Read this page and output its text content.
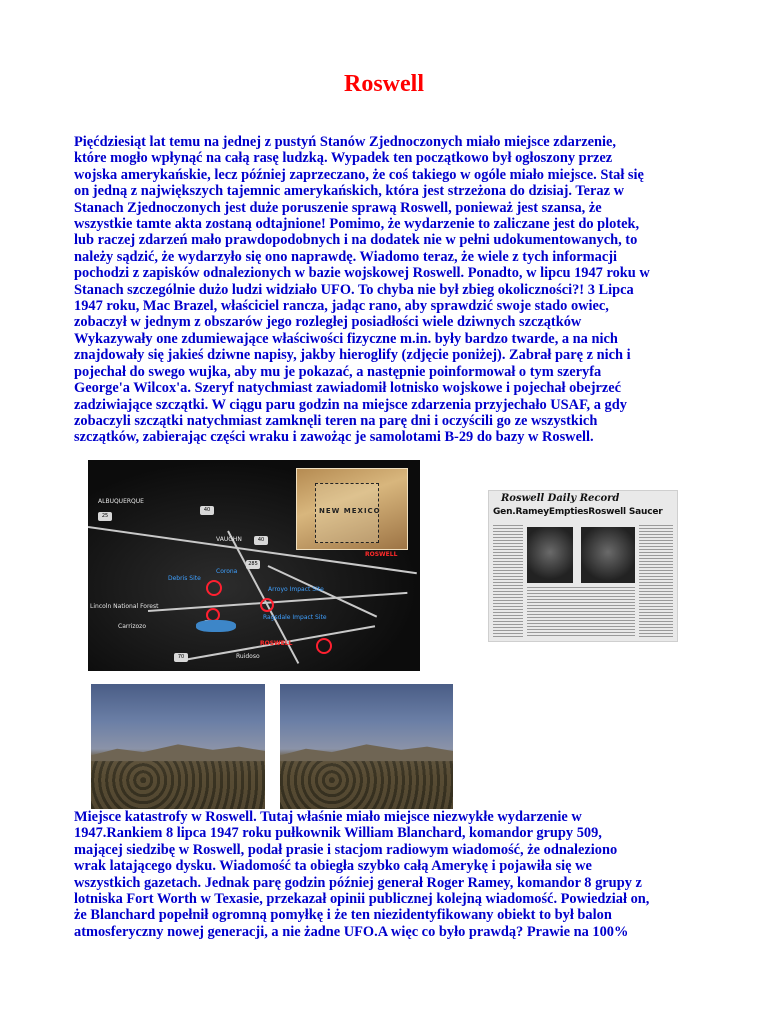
Roswell
Pięćdziesiąt lat temu na jednej z pustyń Stanów Zjednoczonych miało miejsce zdarzenie,
które mogło wpłynąć na całą rasę ludzką. Wypadek ten początkowo był ogłoszony przez
wojska amerykańskie, lecz później zaprzeczano, że coś takiego w ogóle miało miejsce. Stał się
on jedną z największych tajemnic amerykańskich, która jest strzeżona do dzisiaj. Teraz w
Stanach Zjednoczonych jest duże poruszenie sprawą Roswell, ponieważ jest szansa, że
wszystkie tamte akta zostaną odtajnione! Pomimo, że wydarzenie to zaliczane jest do plotek,
lub raczej zdarzeń mało prawdopodobnych i na dodatek nie w pełni udokumentowanych, to
należy sądzić, że wydarzyło się ono naprawdę. Wiadomo teraz, że wiele z tych informacji
pochodzi z zapisków odnalezionych w bazie wojskowej Roswell. Ponadto, w lipcu 1947 roku w
Stanach szczególnie dużo ludzi widziało UFO. To chyba nie był zbieg okoliczności?! 3 Lipca
1947 roku, Mac Brazel, właściciel rancza, jadąc rano, aby sprawdzić swoje stado owiec,
zobaczył w jednym z obszarów jego rozległej posiadłości wiele dziwnych szczątków
Wykazywały one zdumiewające właściwości fizyczne m.in. były bardzo twarde, a na nich
znajdowały się jakieś dziwne napisy, jakby hieroglify (zdjęcie poniżej). Zabrał parę z nich i
pojechał do swego wujka, aby mu je pokazać, a następnie poinformował o tym szeryfa
George'a Wilcox'a. Szeryf natychmiast zawiadomił lotnisko wojskowe i pojechał obejrzeć
zadziwiające szczątki. W ciągu paru godzin na miejsce zdarzenia przyjechało USAF, a gdy
zobaczyli szczątki natychmiast zamknęli teren na parę dni i oczyścili go ze wszystkich
szczątków, zabierając części wraku i zawożąc je samolotami B-29 do bazy w Roswell.
ALBUQUERQUE
VAUGHN
Corona
Debris Site
Lincoln National Forest
Carrizozo
Arroyo Impact Site
Ragsdale Impact Site
ROSWELL
Ruidoso
25
40
285
40
70
NEW MEXICO
ROSWELL
Roswell Daily Record
Gen.RameyEmptiesRoswell Saucer
Miejsce katastrofy w Roswell. Tutaj właśnie miało miejsce niezwykłe wydarzenie w
1947.Rankiem 8 lipca 1947 roku pułkownik William Blanchard, komandor grupy 509,
mającej siedzibę w Roswell, podał prasie i stacjom radiowym wiadomość, że odnaleziono
wrak latającego dysku. Wiadomość ta obiegła szybko całą Amerykę i pojawiła się we
wszystkich gazetach. Jednak parę godzin później generał Roger Ramey, komandor 8 grupy z
lotniska Fort Worth w Texasie, przekazał opinii publicznej kolejną wiadomość. Powiedział on,
że Blanchard popełnił ogromną pomyłkę i że ten niezidentyfikowany obiekt to był balon
atmosferyczny nowej generacji, a nie żadne UFO.A więc co było prawdą? Prawie na 100%
